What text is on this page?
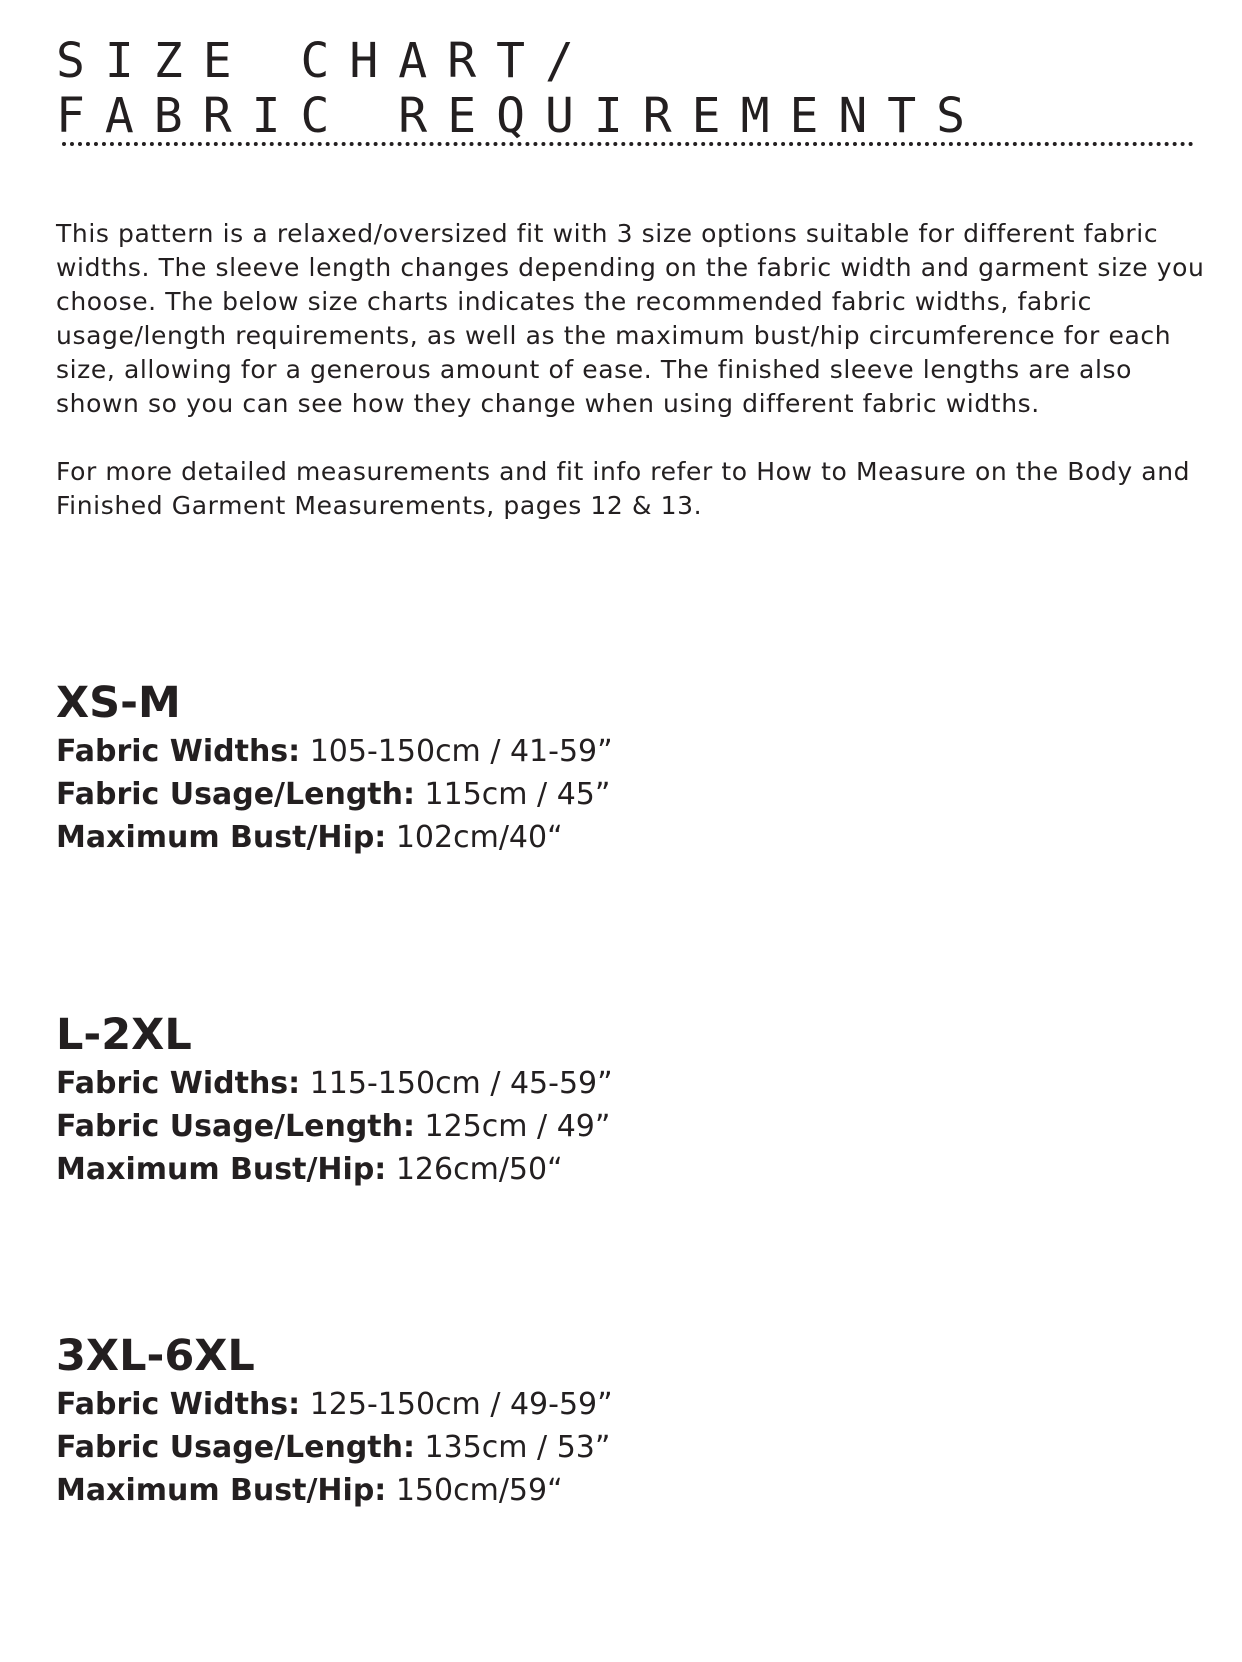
SIZE CHART/
FABRIC REQUIREMENTS

This pattern is a relaxed/oversized fit with 3 size options suitable for different fabric widths. The sleeve length changes depending on the fabric width and garment size you choose. The below size charts indicates the recommended fabric widths, fabric usage/length requirements, as well as the maximum bust/hip circumference for each size, allowing for a generous amount of ease. The finished sleeve lengths are also shown so you can see how they change when using different fabric widths.

For more detailed measurements and fit info refer to How to Measure on the Body and Finished Garment Measurements, pages 12 & 13.

XS-M
Fabric Widths: 105-150cm / 41-59”
Fabric Usage/Length: 115cm / 45”
Maximum Bust/Hip: 102cm/40“
L-2XL
Fabric Widths: 115-150cm / 45-59”
Fabric Usage/Length: 125cm / 49”
Maximum Bust/Hip: 126cm/50“
3XL-6XL
Fabric Widths: 125-150cm / 49-59”
Fabric Usage/Length: 135cm / 53”
Maximum Bust/Hip: 150cm/59“
